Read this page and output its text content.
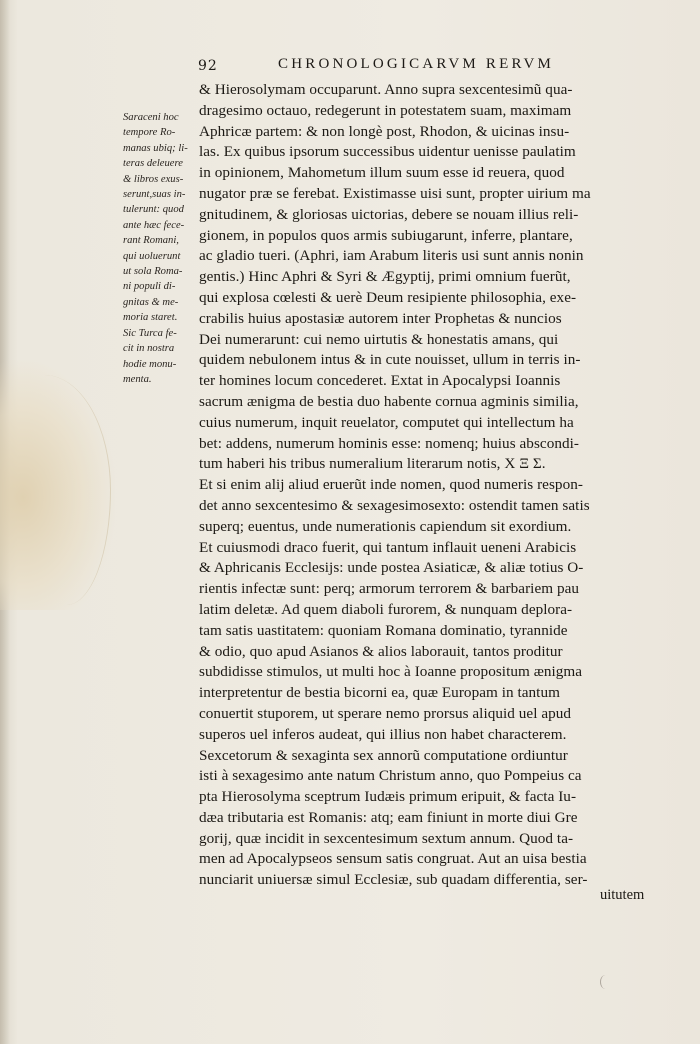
92	CHRONOLOGICARVM RERVM
Saraceni hoc
tempore Ro-
manas ubiq; li-
teras deleuere
& libros exus-
serunt,suas in-
tulerunt: quod
ante hæc fece-
rant Romani,
qui uoluerunt
ut sola Roma-
ni populi di-
gnitas & me-
moria staret.
Sic Turca fe-
cit in nostra
hodie monu-
menta.
& Hierosolymam occuparunt. Anno supra sexcentesimũ qua-
dragesimo octauo, redegerunt in potestatem suam, maximam
Aphricæ partem: & non longè post, Rhodon, & uicinas insu-
las. Ex quibus ipsorum successibus uidentur uenisse paulatim
in opinionem, Mahometum illum suum esse id reuera, quod
nugator præ se ferebat. Existimasse uisi sunt, propter uirium ma
gnitudinem, & gloriosas uictorias, debere se nouam illius reli-
gionem, in populos quos armis subiugarunt, inferre, plantare,
ac gladio tueri. (Aphri, iam Arabum literis usi sunt annis nonin
gentis.) Hinc Aphri & Syri & Ægyptij, primi omnium fuerũt,
qui explosa cœlesti & uerè Deum resipiente philosophia, exe-
crabilis huius apostasiæ autorem inter Prophetas & nuncios
Dei numerarunt: cui nemo uirtutis & honestatis amans, qui
quidem nebulonem intus & in cute nouisset, ullum in terris in-
ter homines locum concederet. Extat in Apocalypsi Ioannis
sacrum ænigma de bestia duo habente cornua agminis similia,
cuius numerum, inquit reuelator, computet qui intellectum ha
bet: addens, numerum hominis esse: nomenq; huius abscondi-
tum haberi his tribus numeralium literarum notis, Χ Ξ Σ.
Et si enim alij aliud eruerũt inde nomen, quod numeris respon-
det anno sexcentesimo & sexagesimosexto: ostendit tamen satis
superq; euentus, unde numerationis capiendum sit exordium.
Et cuiusmodi draco fuerit, qui tantum inflauit ueneni Arabicis
& Aphricanis Ecclesijs: unde postea Asiaticæ, & aliæ totius O-
rientis infectæ sunt: perq; armorum terrorem & barbariem pau
latim deletæ. Ad quem diaboli furorem, & nunquam deplora-
tam satis uastitatem: quoniam Romana dominatio, tyrannide
& odio, quo apud Asianos & alios laborauit, tantos proditur
subdidisse stimulos, ut multi hoc à Ioanne propositum ænigma
interpretentur de bestia bicorni ea, quæ Europam in tantum
conuertit stuporem, ut sperare nemo prorsus aliquid uel apud
superos uel inferos audeat, qui illius non habet characterem.
Sexcetorum & sexaginta sex annorũ computatione ordiuntur
isti à sexagesimo ante natum Christum anno, quo Pompeius ca
pta Hierosolyma sceptrum Iudæis primum eripuit, & facta Iu-
dæa tributaria est Romanis: atq; eam finiunt in morte diui Gre
gorij, quæ incidit in sexcentesimum sextum annum. Quod ta-
men ad Apocalypseos sensum satis congruat. Aut an uisa bestia
nunciarit uniuersæ simul Ecclesiæ, sub quadam differentia, ser-
uitutem
